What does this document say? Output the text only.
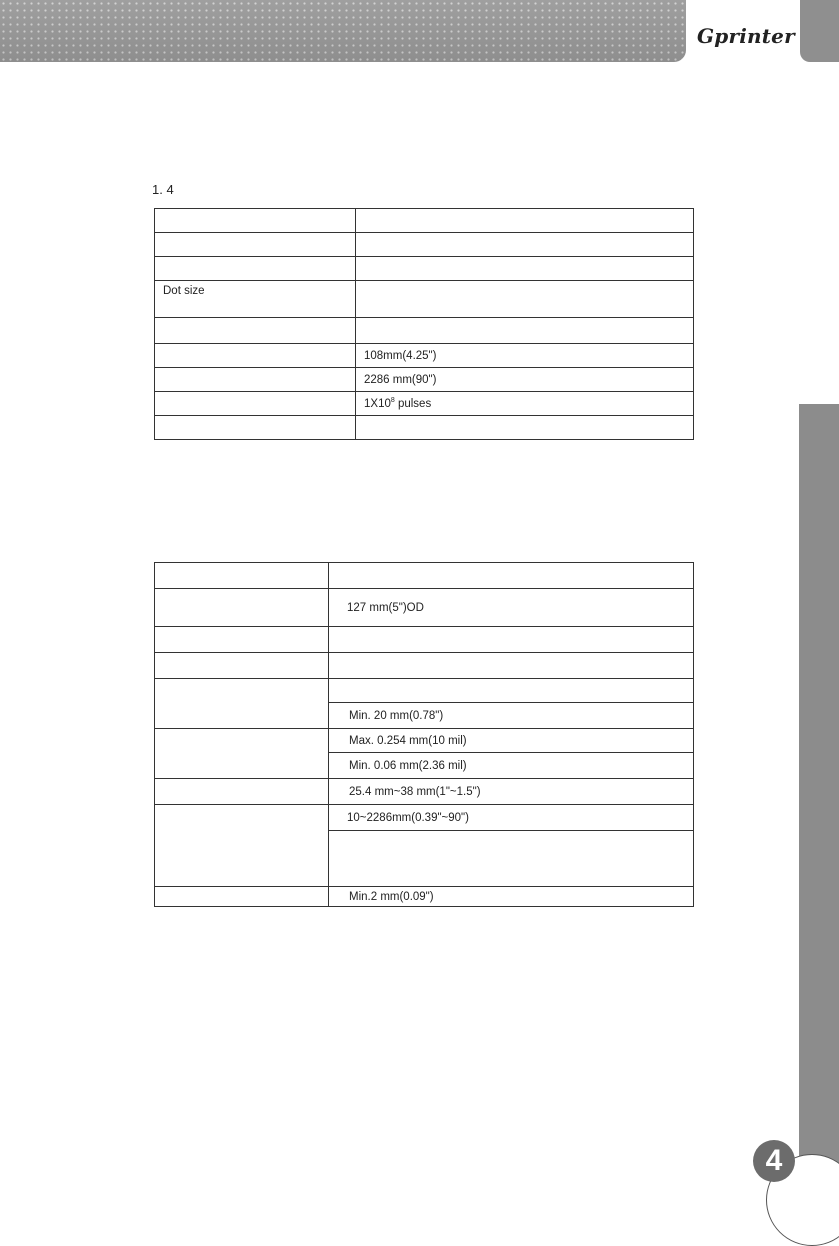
Gprinter
1. 4

Dot size	

	108mm(4.25")
	2286 mm(90")
	$1X10^8$ pulses

	127 mm(5")OD

	Min. 20 mm(0.78")
	Max. 0.254 mm(10 mil)
	Min. 0.06 mm(2.36 mil)
	25.4 mm~38 mm(1"~1.5")
	10~2286mm(0.39"~90")

	Min.2 mm(0.09")
4
